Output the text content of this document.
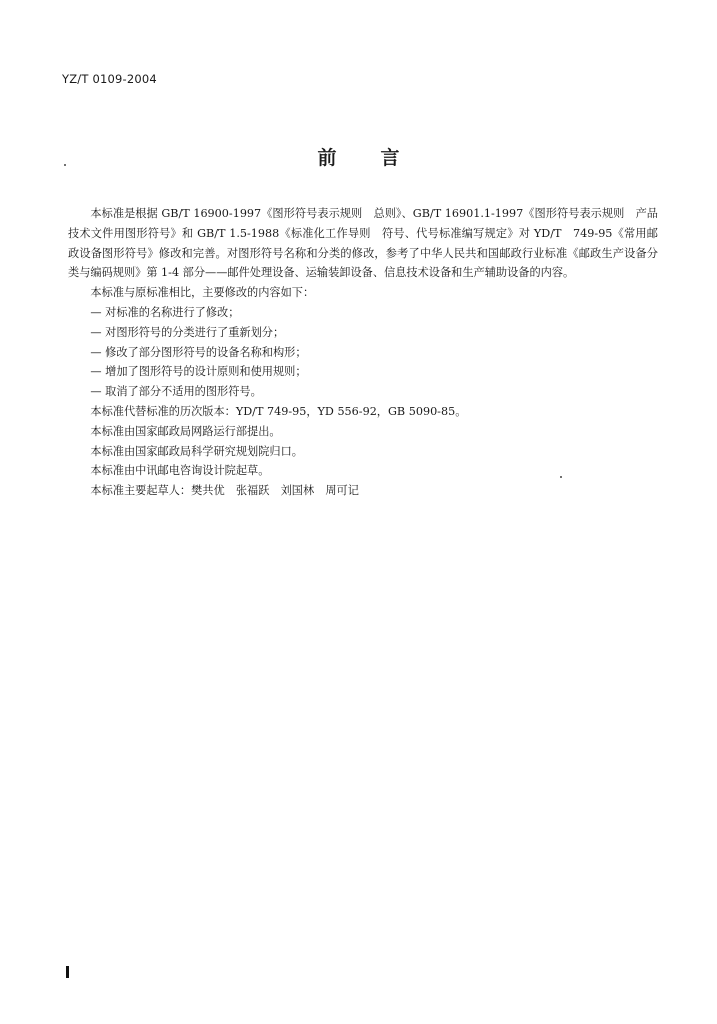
YZ/T 0109-2004
前言

本标准是根据 GB/T 16900-1997《图形符号表示规则　总则》、GB/T 16901.1-1997《图形符号表示规则　产品技术文件用图形符号》和 GB/T 1.5-1988《标准化工作导则　符号、代号标准编写规定》对 YD/T　749-95《常用邮政设备图形符号》修改和完善。对图形符号名称和分类的修改，参考了中华人民共和国邮政行业标准《邮政生产设备分类与编码规则》第 1-4 部分——邮件处理设备、运输装卸设备、信息技术设备和生产辅助设备的内容。

本标准与原标准相比，主要修改的内容如下：

— 对标准的名称进行了修改；

— 对图形符号的分类进行了重新划分；

— 修改了部分图形符号的设备名称和构形；

— 增加了图形符号的设计原则和使用规则；

— 取消了部分不适用的图形符号。

本标准代替标准的历次版本：YD/T 749-95，YD 556-92，GB 5090-85。

本标准由国家邮政局网路运行部提出。

本标准由国家邮政局科学研究规划院归口。

本标准由中讯邮电咨询设计院起草。

本标准主要起草人：樊共优　张福跃　刘国林　周可记
